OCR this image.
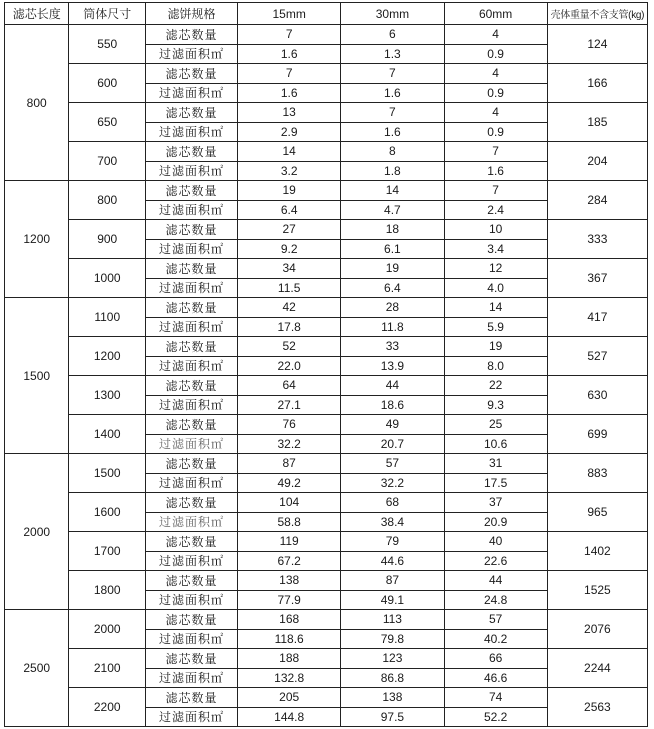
滤芯长度	筒体尺寸	滤饼规格	15mm	30mm	60mm	壳体重量不含支管(kg)
800	550	滤芯数量	7	6	4	124
		过滤面积㎡	1.6	1.3	0.9	
	600	滤芯数量	7	7	4	166
		过滤面积㎡	1.6	1.6	0.9	
	650	滤芯数量	13	7	4	185
		过滤面积㎡	2.9	1.6	0.9	
	700	滤芯数量	14	8	7	204
		过滤面积㎡	3.2	1.8	1.6	
1200	800	滤芯数量	19	14	7	284
		过滤面积㎡	6.4	4.7	2.4	
	900	滤芯数量	27	18	10	333
		过滤面积㎡	9.2	6.1	3.4	
	1000	滤芯数量	34	19	12	367
		过滤面积㎡	11.5	6.4	4.0	
1500	1100	滤芯数量	42	28	14	417
		过滤面积㎡	17.8	11.8	5.9	
	1200	滤芯数量	52	33	19	527
		过滤面积㎡	22.0	13.9	8.0	
	1300	滤芯数量	64	44	22	630
		过滤面积㎡	27.1	18.6	9.3	
	1400	滤芯数量	76	49	25	699
		过滤面积㎡	32.2	20.7	10.6	
2000	1500	滤芯数量	87	57	31	883
		过滤面积㎡	49.2	32.2	17.5	
	1600	滤芯数量	104	68	37	965
		过滤面积㎡	58.8	38.4	20.9	
	1700	滤芯数量	119	79	40	1402
		过滤面积㎡	67.2	44.6	22.6	
	1800	滤芯数量	138	87	44	1525
		过滤面积㎡	77.9	49.1	24.8	
2500	2000	滤芯数量	168	113	57	2076
		过滤面积㎡	118.6	79.8	40.2	
	2100	滤芯数量	188	123	66	2244
		过滤面积㎡	132.8	86.8	46.6	
	2200	滤芯数量	205	138	74	2563
		过滤面积㎡	144.8	97.5	52.2	
